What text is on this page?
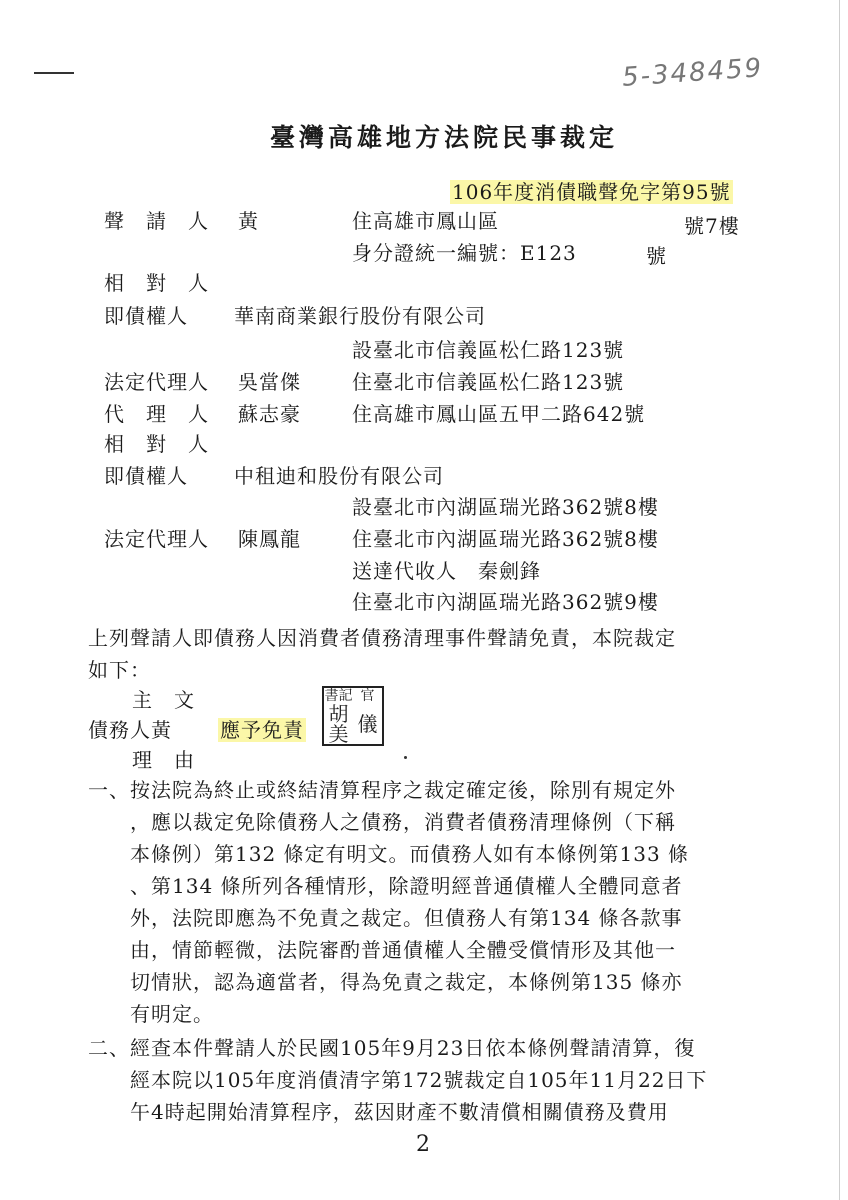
5-348459
臺灣高雄地方法院民事裁定
106年度消債職聲免字第95號
聲　請　人 黃	住高雄市鳳山區	號7樓
身分證統一編號：E123	號
相　對　人
即債權人 華南商業銀行股份有限公司
設臺北市信義區松仁路123號
法定代理人 吳當傑	住臺北市信義區松仁路123號
代　理　人 蘇志豪	住高雄市鳳山區五甲二路642號
相　對　人
即債權人 中租迪和股份有限公司
設臺北市內湖區瑞光路362號8樓
法定代理人 陳鳳龍	住臺北市內湖區瑞光路362號8樓
送達代收人　秦劍鋒
住臺北市內湖區瑞光路362號9樓
上列聲請人即債務人因消費者債務清理事件聲請免責，本院裁定
如下：
主　文
債務人黃 應予免責
書記 官
胡美 儀
理　由
一、按法院為終止或終結清算程序之裁定確定後，除別有規定外
，應以裁定免除債務人之債務，消費者債務清理條例（下稱
本條例）第132 條定有明文。而債務人如有本條例第133 條
、第134 條所列各種情形，除證明經普通債權人全體同意者
外，法院即應為不免責之裁定。但債務人有第134 條各款事
由，情節輕微，法院審酌普通債權人全體受償情形及其他一
切情狀，認為適當者，得為免責之裁定，本條例第135 條亦
有明定。
二、經查本件聲請人於民國105年9月23日依本條例聲請清算，復
經本院以105年度消債清字第172號裁定自105年11月22日下
午4時起開始清算程序，茲因財產不數清償相關債務及費用
2
